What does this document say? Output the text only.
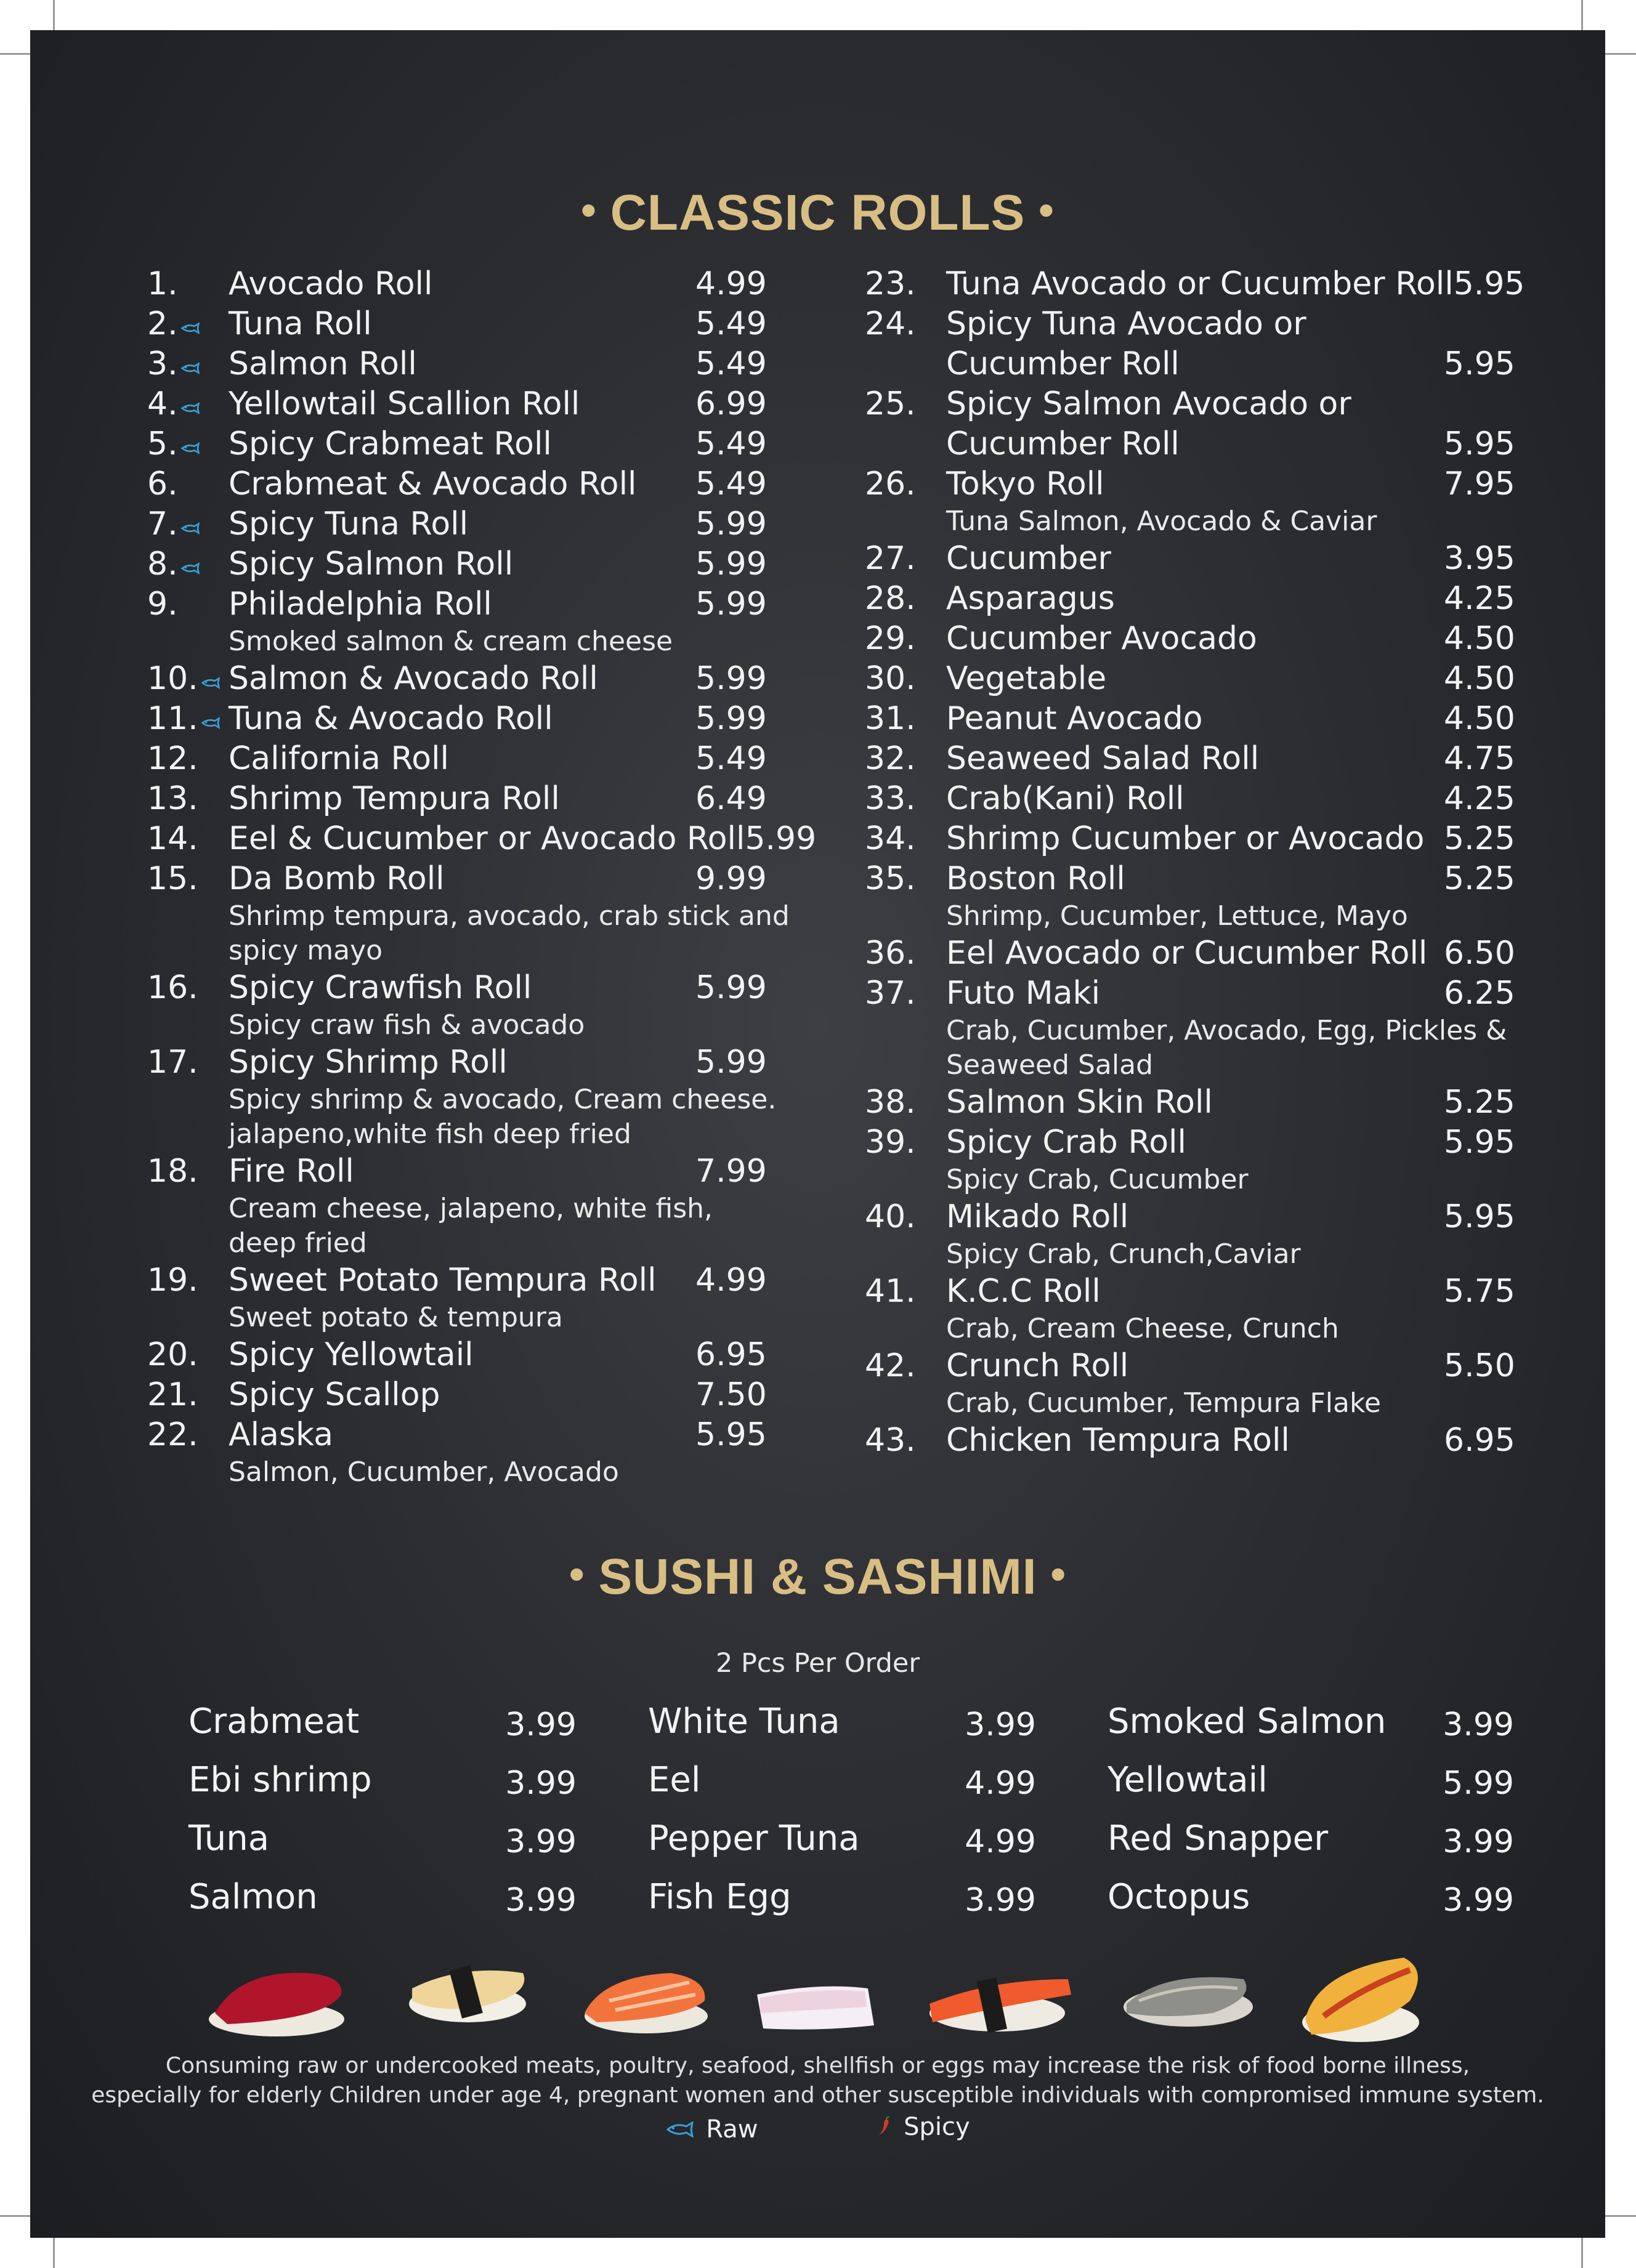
• CLASSIC ROLLS •
1.	Avocado Roll	4.99
2.	Tuna Roll	5.49
3.	Salmon Roll	5.49
4.	Yellowtail Scallion Roll	6.99
5.	Spicy Crabmeat Roll	5.49
6.	Crabmeat & Avocado Roll	5.49
7.	Spicy Tuna Roll	5.99
8.	Spicy Salmon Roll	5.99
9.	Philadelphia Roll	5.99
Smoked salmon & cream cheese
10. Salmon & Avocado Roll	5.99
11. Tuna & Avocado Roll	5.99
12. California Roll	5.49
13. Shrimp Tempura Roll	6.49
14. Eel & Cucumber or Avocado Roll 5.99
15. Da Bomb Roll	9.99
Shrimp tempura, avocado, crab stick and
spicy mayo
16. Spicy Crawfish Roll	5.99
Spicy craw fish & avocado
17. Spicy Shrimp Roll	5.99
Spicy shrimp & avocado, Cream cheese.
jalapeno,white fish deep fried
18. Fire Roll	7.99
Cream cheese, jalapeno, white fish,
deep fried
19. Sweet Potato Tempura Roll	4.99
Sweet potato & tempura
20. Spicy Yellowtail	6.95
21. Spicy Scallop	7.50
22. Alaska	5.95
Salmon, Cucumber, Avocado
23. Tuna Avocado or Cucumber Roll 5.95
24. Spicy Tuna Avocado or
Cucumber Roll	5.95
25. Spicy Salmon Avocado or
Cucumber Roll	5.95
26. Tokyo Roll	7.95
Tuna Salmon, Avocado & Caviar
27. Cucumber	3.95
28. Asparagus	4.25
29. Cucumber Avocado	4.50
30. Vegetable	4.50
31. Peanut Avocado	4.50
32. Seaweed Salad Roll	4.75
33. Crab(Kani) Roll	4.25
34. Shrimp Cucumber or Avocado 5.25
35. Boston Roll	5.25
Shrimp, Cucumber, Lettuce, Mayo
36. Eel Avocado or Cucumber Roll 6.50
37. Futo Maki	6.25
Crab, Cucumber, Avocado, Egg, Pickles &
Seaweed Salad
38. Salmon Skin Roll	5.25
39. Spicy Crab Roll	5.95
Spicy Crab, Cucumber
40. Mikado Roll	5.95
Spicy Crab, Crunch,Caviar
41. K.C.C Roll	5.75
Crab, Cream Cheese, Crunch
42. Crunch Roll	5.50
Crab, Cucumber, Tempura Flake
43. Chicken Tempura Roll	6.95
• SUSHI & SASHIMI •
2 Pcs Per Order
Crabmeat	3.99
Ebi shrimp	3.99
Tuna	3.99
Salmon	3.99
White Tuna	3.99
Eel	4.99
Pepper Tuna	4.99
Fish Egg	3.99
Smoked Salmon 3.99
Yellowtail	5.99
Red Snapper	3.99
Octopus	3.99
Consuming raw or undercooked meats, poultry, seafood, shellfish or eggs may increase the risk of food borne illness,
especially for elderly Children under age 4, pregnant women and other susceptible individuals with compromised immune system.
Raw
	Spicy
